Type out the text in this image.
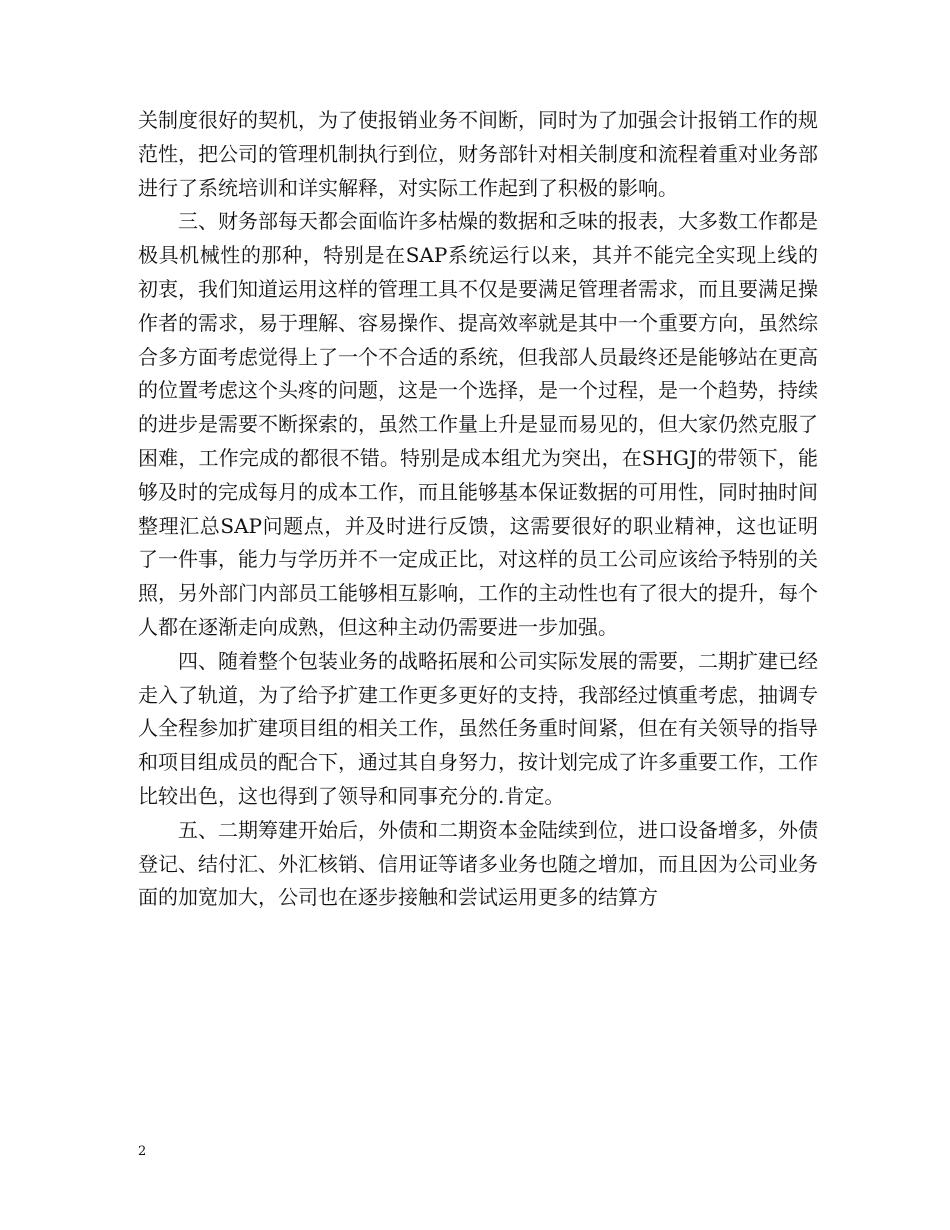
关制度很好的契机，为了使报销业务不间断，同时为了加强会计报销工作的规范性，把公司的管理机制执行到位，财务部针对相关制度和流程着重对业务部进行了系统培训和详实解释，对实际工作起到了积极的影响。

三、财务部每天都会面临许多枯燥的数据和乏味的报表，大多数工作都是极具机械性的那种，特别是在SAP系统运行以来，其并不能完全实现上线的初衷，我们知道运用这样的管理工具不仅是要满足管理者需求，而且要满足操作者的需求，易于理解、容易操作、提高效率就是其中一个重要方向，虽然综合多方面考虑觉得上了一个不合适的系统，但我部人员最终还是能够站在更高的位置考虑这个头疼的问题，这是一个选择，是一个过程，是一个趋势，持续的进步是需要不断探索的，虽然工作量上升是显而易见的，但大家仍然克服了困难，工作完成的都很不错。特别是成本组尤为突出，在SHGJ的带领下，能够及时的完成每月的成本工作，而且能够基本保证数据的可用性，同时抽时间整理汇总SAP问题点，并及时进行反馈，这需要很好的职业精神，这也证明了一件事，能力与学历并不一定成正比，对这样的员工公司应该给予特别的关照，另外部门内部员工能够相互影响，工作的主动性也有了很大的提升，每个人都在逐渐走向成熟，但这种主动仍需要进一步加强。

四、随着整个包装业务的战略拓展和公司实际发展的需要，二期扩建已经走入了轨道，为了给予扩建工作更多更好的支持，我部经过慎重考虑，抽调专人全程参加扩建项目组的相关工作，虽然任务重时间紧，但在有关领导的指导和项目组成员的配合下，通过其自身努力，按计划完成了许多重要工作，工作比较出色，这也得到了领导和同事充分的.肯定。

五、二期筹建开始后，外债和二期资本金陆续到位，进口设备增多，外债登记、结付汇、外汇核销、信用证等诸多业务也随之增加，而且因为公司业务面的加宽加大，公司也在逐步接触和尝试运用更多的结算方

2
